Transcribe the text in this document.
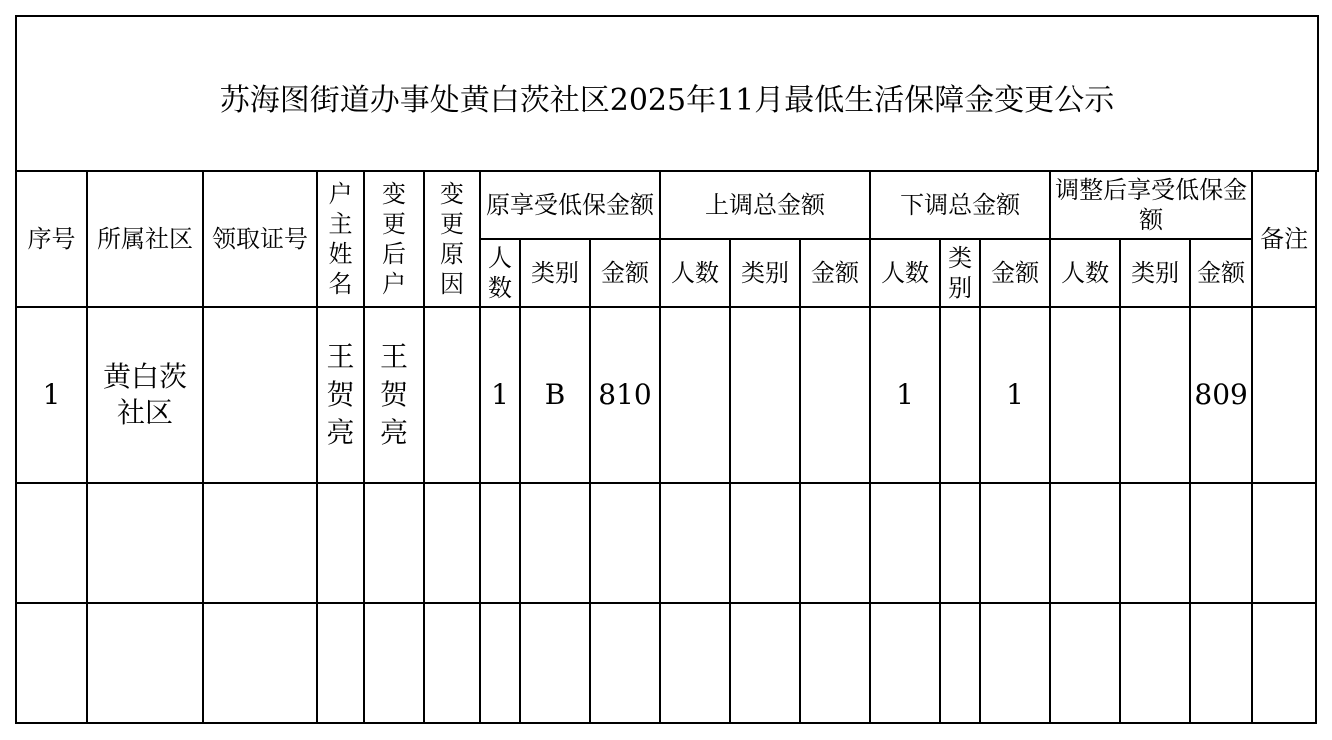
苏海图街道办事处黄白茨社区2025年11月最低生活保障金变更公示
序号	所属社区	领取证号	户主姓名	变更后户	变更原因	原享受低保金额			上调总金额			下调总金额			调整后享受低保金额			备注
						人数	类别	金额	人数	类别	金额	人数	类别	金额	人数	类别	金额	
1	黄白茨社区		王贺亮	王贺亮		1	B	810				1		1			809	
